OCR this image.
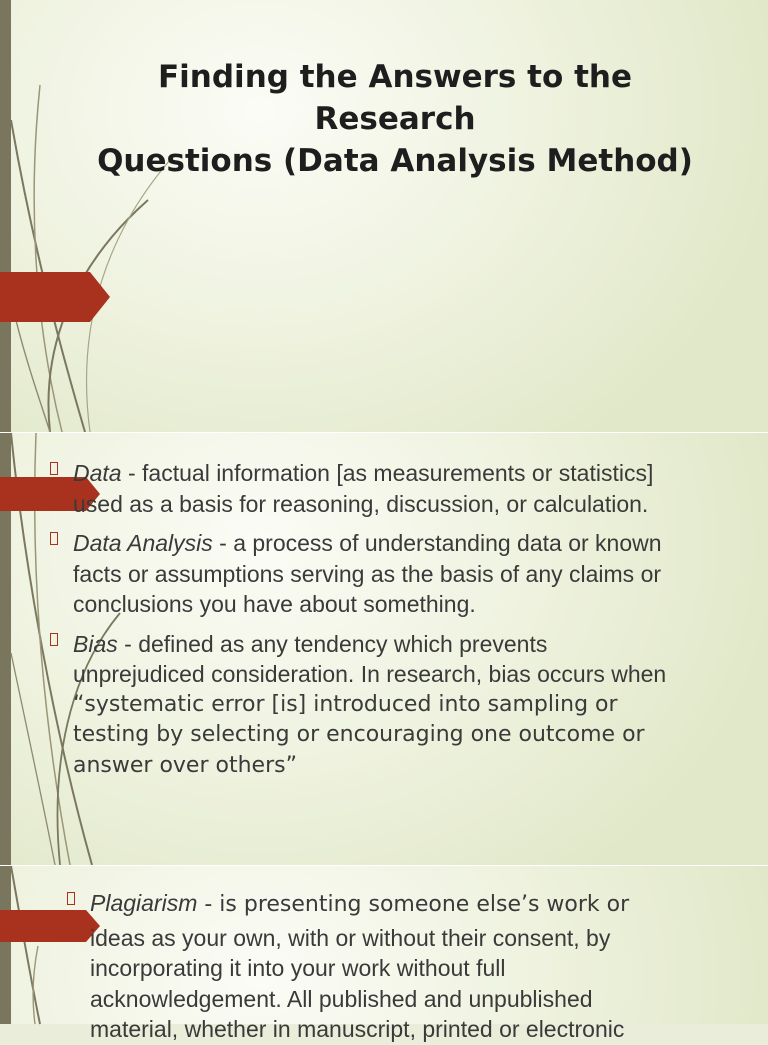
Finding the Answers to the
Research
Questions (Data Analysis Method)
Data - factual information [as measurements or statistics]
used as a basis for reasoning, discussion, or calculation.
Data Analysis - a process of understanding data or known
facts or assumptions serving as the basis of any claims or
conclusions you have about something.
Bias - defined as any tendency which prevents
unprejudiced consideration. In research, bias occurs when
“systematic error [is] introduced into sampling or
testing by selecting or encouraging one outcome or
answer over others”
Plagiarism - is presenting someone else’s work or
ideas as your own, with or without their consent, by
incorporating it into your work without full
acknowledgement. All published and unpublished
material, whether in manuscript, printed or electronic
